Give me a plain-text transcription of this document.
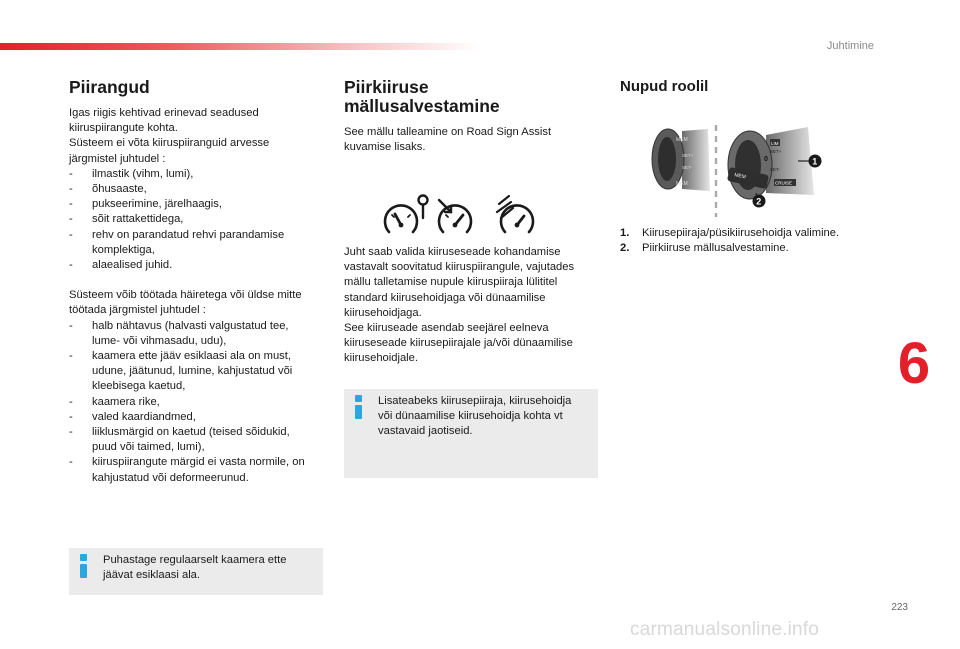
Juhtimine
6
223
carmanualsonline.info
Piirangud

Igas riigis kehtivad erinevad seadused
kiiruspiirangute kohta.
Süsteem ei võta kiiruspiiranguid arvesse
järgmistel juhtudel :

- ilmastik (vihm, lumi),
- õhusaaste,
- pukseerimine, järelhaagis,
- sõit rattakettidega,
- rehv on parandatud rehvi parandamise
komplektiga,
- alaealised juhid.

Süsteem võib töötada häiretega või üldse mitte
töötada järgmistel juhtudel :

- halb nähtavus (halvasti valgustatud tee,
lume- või vihmasadu, udu),
- kaamera ette jääv esiklaasi ala on must,
udune, jäätunud, lumine, kahjustatud või
kleebisega kaetud,
- kaamera rike,
- valed kaardiandmed,
- liiklusmärgid on kaetud (teised sõidukid,
puud või taimed, lumi),
- kiiruspiirangute märgid ei vasta normile, on
kahjustatud või deformeerunud.
Puhastage regulaarselt kaamera ette
jäävat esiklaasi ala.
Piirkiiruse
mällusalvestamine

See mällu talleamine on Road Sign Assist
kuvamise lisaks.

Juht saab valida kiiruseseade kohandamise
vastavalt soovitatud kiiruspiirangule, vajutades
mällu talletamise nupule kiiruspiiraja lülititel
standard kiirusehoidjaga või dünaamilise
kiirusehoidjaga.
See kiiruseade asendab seejärel eelneva
kiiruseseade kiirusepiirajale ja/või dünaamilise
kiirusehoidjale.

Lisateabeks kiirusepiiraja, kiirusehoidja
või dünaamilise kiirusehoidja kohta vt
vastavaid jaotiseid.
Nupud roolil
MEM
SET+
SET-
MEM
MEM
LIM
0
SET+
SET-
CRUISE
1
2
1. Kiirusepiiraja/püsikiirusehoidja valimine.
2. Piirkiiruse mällusalvestamine.
